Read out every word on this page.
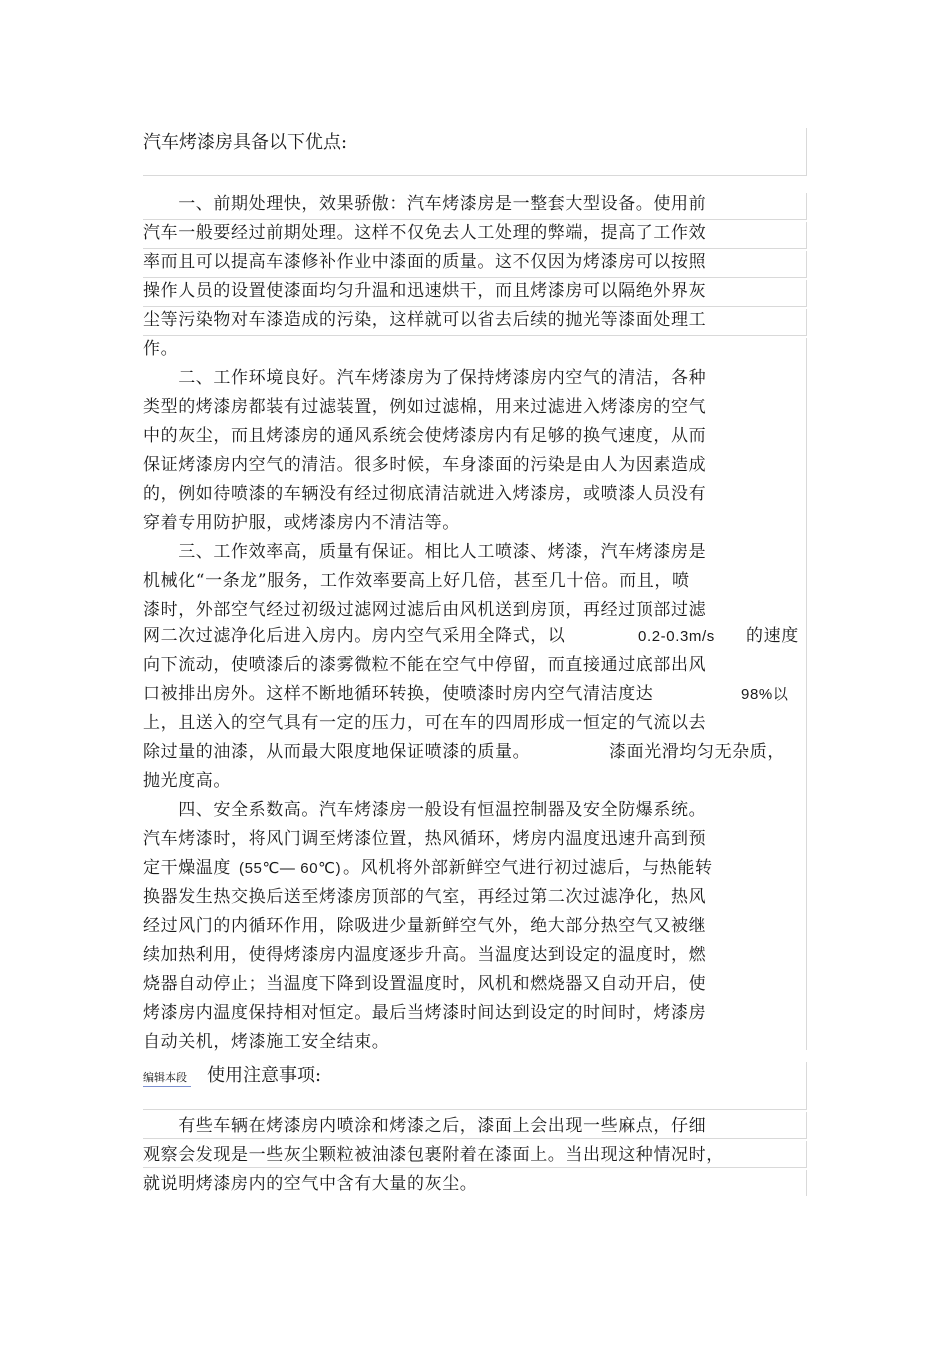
汽车烤漆房具备以下优点:
　　一、前期处理快，效果骄傲：汽车烤漆房是一整套大型设备。使用前
汽车一般要经过前期处理。这样不仅免去人工处理的弊端，提高了工作效
率而且可以提高车漆修补作业中漆面的质量。这不仅因为烤漆房可以按照
操作人员的设置使漆面均匀升温和迅速烘干，而且烤漆房可以隔绝外界灰
尘等污染物对车漆造成的污染，这样就可以省去后续的抛光等漆面处理工
作。
　　二、工作环境良好。汽车烤漆房为了保持烤漆房内空气的清洁，各种
类型的烤漆房都装有过滤装置，例如过滤棉，用来过滤进入烤漆房的空气
中的灰尘，而且烤漆房的通风系统会使烤漆房内有足够的换气速度，从而
保证烤漆房内空气的清洁。很多时候，车身漆面的污染是由人为因素造成
的，例如待喷漆的车辆没有经过彻底清洁就进入烤漆房，或喷漆人员没有
穿着专用防护服，或烤漆房内不清洁等。
　　三、工作效率高，质量有保证。相比人工喷漆、烤漆，汽车烤漆房是
机械化“一条龙”服务，工作效率要高上好几倍，甚至几十倍。而且，喷
漆时，外部空气经过初级过滤网过滤后由风机送到房顶，再经过顶部过滤
网二次过滤净化后进入房内。房内空气采用全降式，以	0.2-0.3m/s 的速度
向下流动，使喷漆后的漆雾微粒不能在空气中停留，而直接通过底部出风
口被排出房外。这样不断地循环转换，使喷漆时房内空气清洁度达	98%以
上，且送入的空气具有一定的压力，可在车的四周形成一恒定的气流以去
除过量的油漆，从而最大限度地保证喷漆的质量。	漆面光滑均匀无杂质，
抛光度高。
　　四、安全系数高。汽车烤漆房一般设有恒温控制器及安全防爆系统。
汽车烤漆时，将风门调至烤漆位置，热风循环，烤房内温度迅速升高到预
定干燥温度 (55℃— 60℃) 。风机将外部新鲜空气进行初过滤后，与热能转
换器发生热交换后送至烤漆房顶部的气室，再经过第二次过滤净化，热风
经过风门的内循环作用，除吸进少量新鲜空气外，绝大部分热空气又被继
续加热利用，使得烤漆房内温度逐步升高。当温度达到设定的温度时，燃
烧器自动停止；当温度下降到设置温度时，风机和燃烧器又自动开启，使
烤漆房内温度保持相对恒定。最后当烤漆时间达到设定的时间时，烤漆房
自动关机，烤漆施工安全结束。
编辑本段 使用注意事项:
　　有些车辆在烤漆房内喷涂和烤漆之后，漆面上会出现一些麻点，仔细
观察会发现是一些灰尘颗粒被油漆包裹附着在漆面上。当出现这种情况时，
就说明烤漆房内的空气中含有大量的灰尘。
